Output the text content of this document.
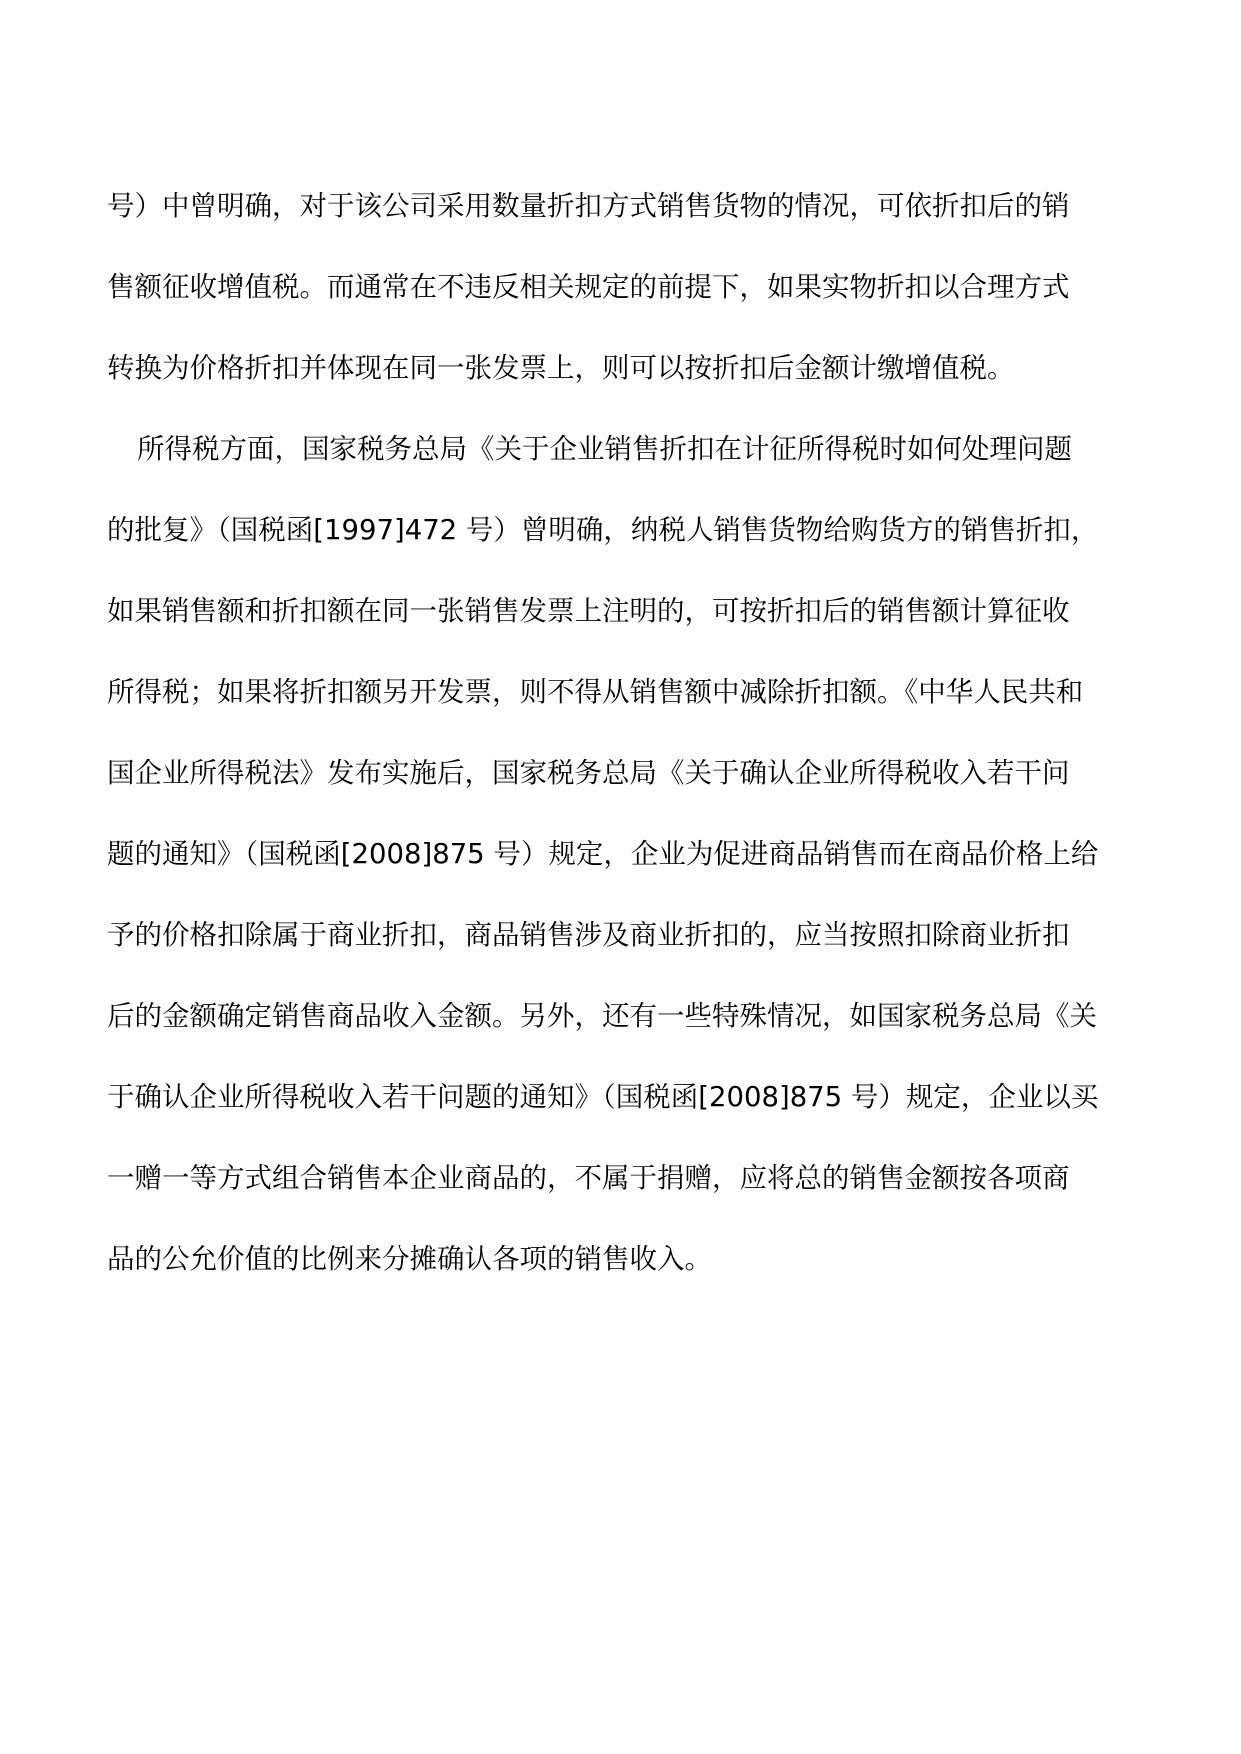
号）中曾明确，对于该公司采用数量折扣方式销售货物的情况，可依折扣后的销
售额征收增值税。而通常在不违反相关规定的前提下，如果实物折扣以合理方式
转换为价格折扣并体现在同一张发票上，则可以按折扣后金额计缴增值税。
所得税方面，国家税务总局《关于企业销售折扣在计征所得税时如何处理问题
的批复》（国税函[1997]472 号）曾明确，纳税人销售货物给购货方的销售折扣，
如果销售额和折扣额在同一张销售发票上注明的，可按折扣后的销售额计算征收
所得税；如果将折扣额另开发票，则不得从销售额中减除折扣额。《中华人民共和
国企业所得税法》发布实施后，国家税务总局《关于确认企业所得税收入若干问
题的通知》（国税函[2008]875 号）规定，企业为促进商品销售而在商品价格上给
予的价格扣除属于商业折扣，商品销售涉及商业折扣的，应当按照扣除商业折扣
后的金额确定销售商品收入金额。另外，还有一些特殊情况，如国家税务总局《关
于确认企业所得税收入若干问题的通知》（国税函[2008]875 号）规定，企业以买
一赠一等方式组合销售本企业商品的，不属于捐赠，应将总的销售金额按各项商
品的公允价值的比例来分摊确认各项的销售收入。
